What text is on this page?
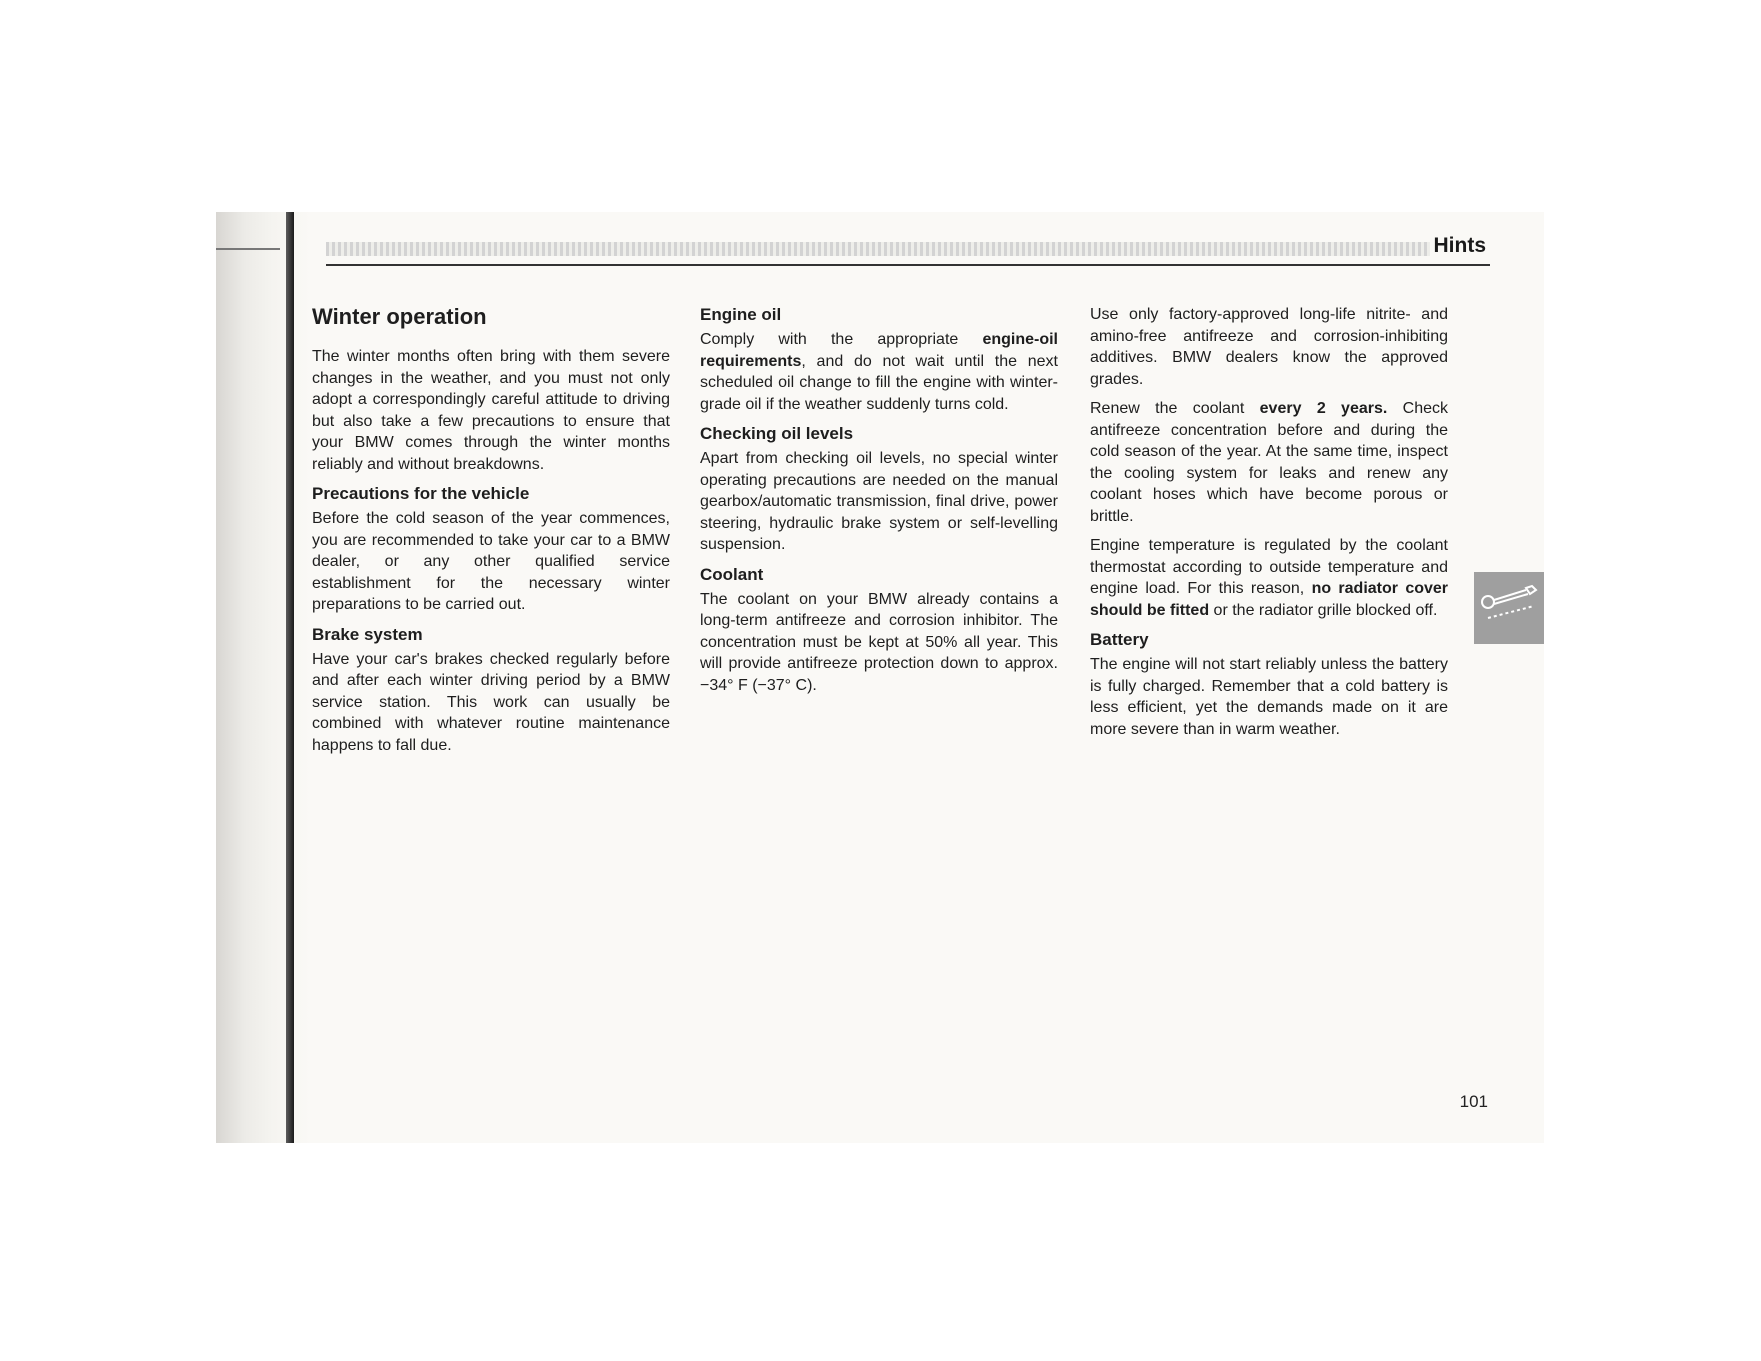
Hints
Winter operation

The winter months often bring with them severe changes in the weather, and you must not only adopt a correspondingly careful attitude to driving but also take a few precautions to ensure that your BMW comes through the winter months reliably and without breakdowns.

Precautions for the vehicle

Before the cold season of the year commences, you are recommended to take your car to a BMW dealer, or any other qualified service establishment for the necessary winter preparations to be carried out.

Brake system

Have your car's brakes checked regularly before and after each winter driving period by a BMW service station. This work can usually be combined with whatever routine maintenance happens to fall due.

Engine oil

Comply with the appropriate engine-oil requirements, and do not wait until the next scheduled oil change to fill the engine with winter-grade oil if the weather suddenly turns cold.

Checking oil levels

Apart from checking oil levels, no special winter operating precautions are needed on the manual gearbox/automatic transmission, final drive, power steering, hydraulic brake system or self-levelling suspension.

Coolant

The coolant on your BMW already contains a long-term antifreeze and corrosion inhibitor. The concentration must be kept at 50% all year. This will provide antifreeze protection down to approx. −34° F (−37° C).

Use only factory-approved long-life nitrite- and amino-free antifreeze and corrosion-inhibiting additives. BMW dealers know the approved grades.

Renew the coolant every 2 years. Check antifreeze concentration before and during the cold season of the year. At the same time, inspect the cooling system for leaks and renew any coolant hoses which have become porous or brittle.

Engine temperature is regulated by the coolant thermostat according to outside temperature and engine load. For this reason, no radiator cover should be fitted or the radiator grille blocked off.

Battery

The engine will not start reliably unless the battery is fully charged. Remember that a cold battery is less efficient, yet the demands made on it are more severe than in warm weather.

101
